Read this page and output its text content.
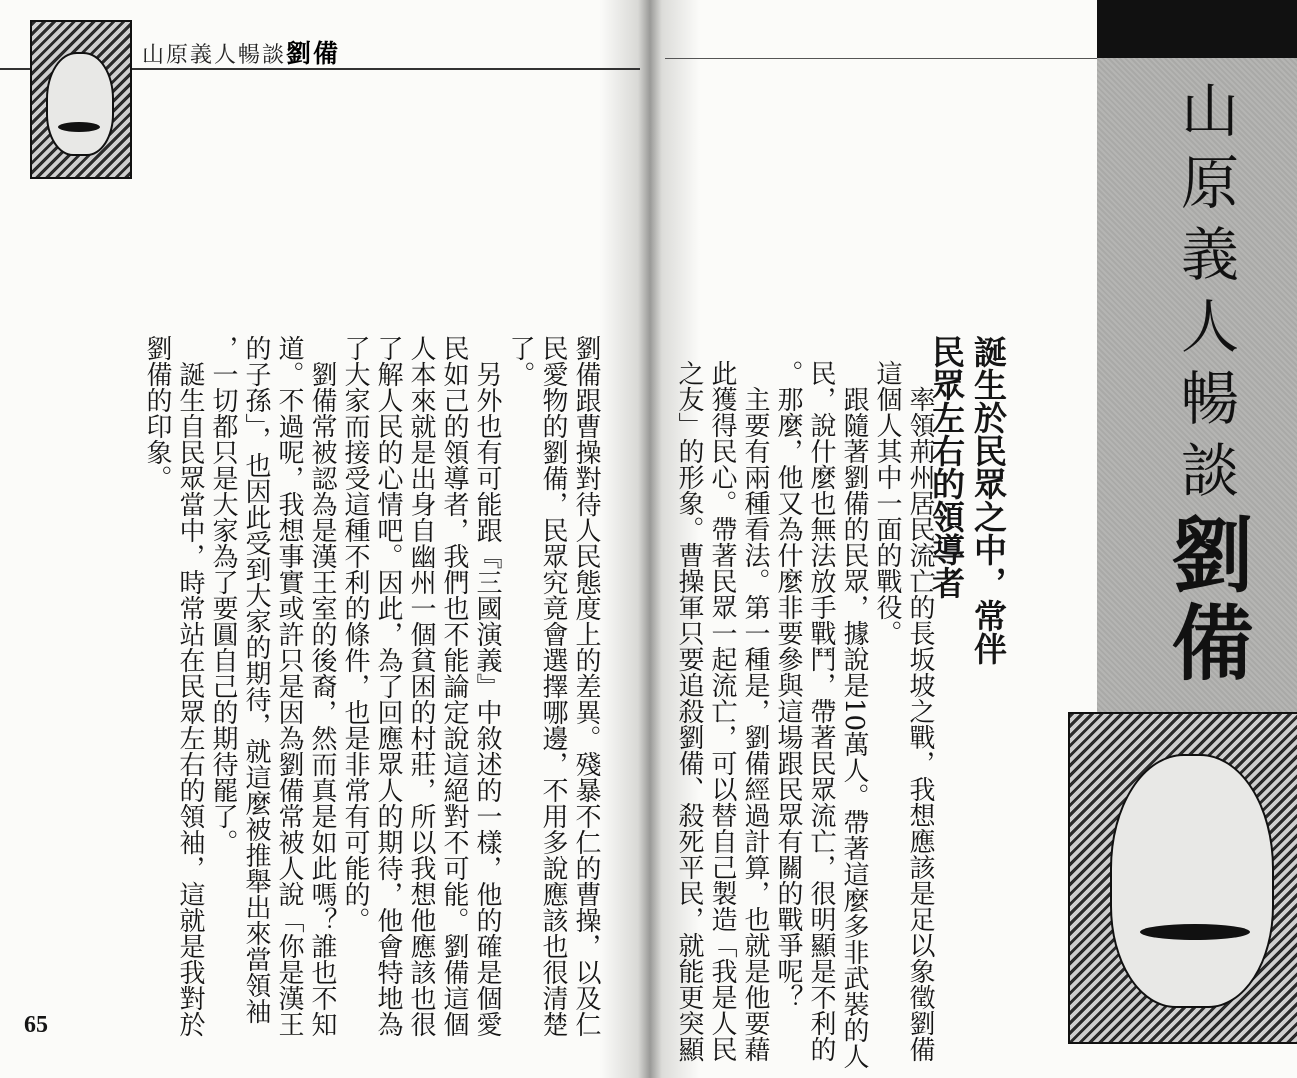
山原義人暢談劉備
劉備跟曹操對待人民態度上的差異。殘暴不仁的曹操，以及仁
民愛物的劉備，民眾究竟會選擇哪邊，不用多說應該也很清楚
了。
另外也有可能跟『三國演義』中敘述的一樣，他的確是個愛
民如己的領導者，我們也不能論定說這絕對不可能。劉備這個
人本來就是出身自幽州一個貧困的村莊，所以我想他應該也很
了解人民的心情吧。因此，為了回應眾人的期待，他會特地為
了大家而接受這種不利的條件，也是非常有可能的。
劉備常被認為是漢王室的後裔，然而真是如此嗎？誰也不知
道。不過呢，我想事實或許只是因為劉備常被人說「你是漢王
的子孫」，也因此受到大家的期待，就這麼被推舉出來當領袖
，一切都只是大家為了要圓自己的期待罷了。
誕生自民眾當中，時常站在民眾左右的領袖，這就是我對於
劉備的印象。
65
山原義人暢談劉備
誕生於民眾之中，常伴
民眾左右的領導者
率領荊州居民流亡的長坂坡之戰，我想應該是足以象徵劉備
這個人其中一面的戰役。
跟隨著劉備的民眾，據說是10萬人。帶著這麼多非武裝的人
民，說什麼也無法放手戰鬥，帶著民眾流亡，很明顯是不利的
。那麼，他又為什麼非要參與這場跟民眾有關的戰爭呢？
主要有兩種看法。第一種是，劉備經過計算，也就是他要藉
此獲得民心。帶著民眾一起流亡，可以替自己製造「我是人民
之友」的形象。曹操軍只要追殺劉備、殺死平民，就能更突顯
